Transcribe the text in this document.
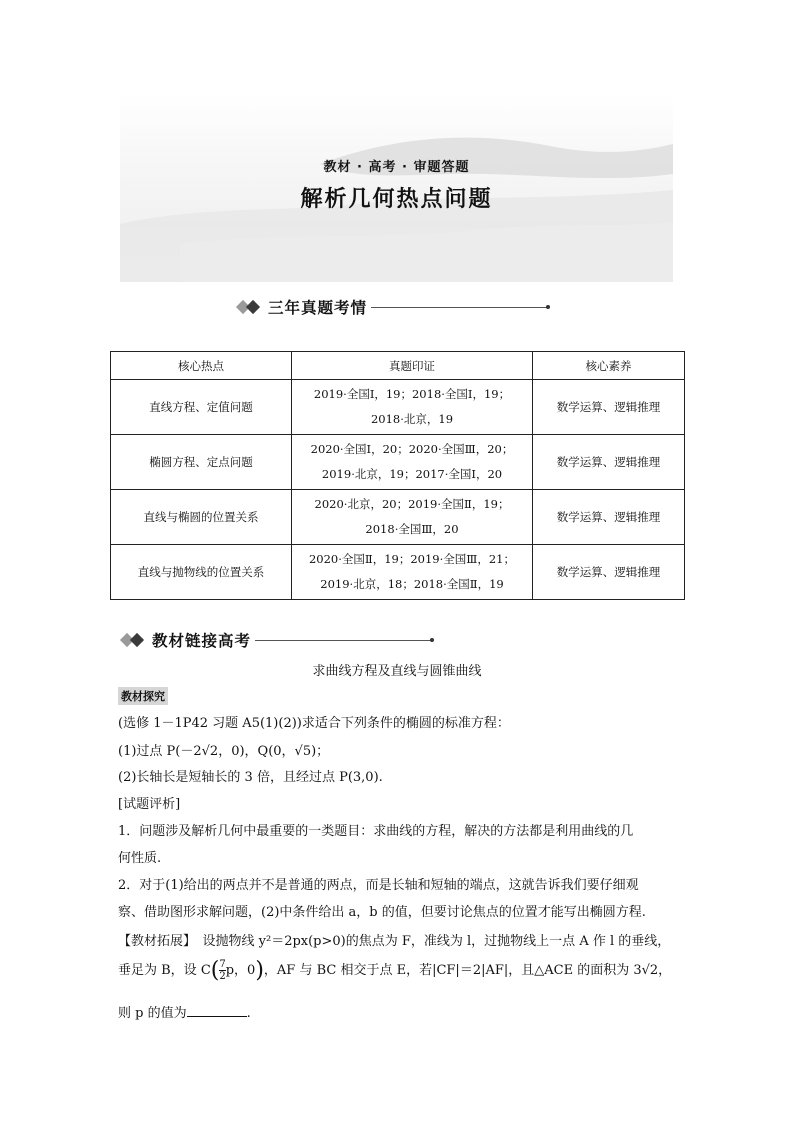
教材 · 高考 · 审题答题
解析几何热点问题
三年真题考情
核心热点	真题印证	核心素养
直线方程、定值问题	2019·全国Ⅰ，19；2018·全国Ⅰ，19；
2018·北京，19	数学运算、逻辑推理
椭圆方程、定点问题	2020·全国Ⅰ，20；2020·全国Ⅲ，20；
2019·北京，19；2017·全国Ⅰ，20	数学运算、逻辑推理
直线与椭圆的位置关系	2020·北京，20；2019·全国Ⅱ，19；
2018·全国Ⅲ，20	数学运算、逻辑推理
直线与抛物线的位置关系	2020·全国Ⅱ，19；2019·全国Ⅲ，21；
2019·北京，18；2018·全国Ⅱ，19	数学运算、逻辑推理
教材链接高考
求曲线方程及直线与圆锥曲线
教材探究
(选修 1－1P42 习题 A5(1)(2))求适合下列条件的椭圆的标准方程：
(1)过点 P(－2√2，0)，Q(0，√5)；
(2)长轴长是短轴长的 3 倍，且经过点 P(3,0).
[试题评析]
1．问题涉及解析几何中最重要的一类题目：求曲线的方程，解决的方法都是利用曲线的几
何性质.
2．对于(1)给出的两点并不是普通的两点，而是长轴和短轴的端点，这就告诉我们要仔细观
察、借助图形求解问题，(2)中条件给出 a，b 的值，但要讨论焦点的位置才能写出椭圆方程.
【教材拓展】　设抛物线 y²＝2px(p>0)的焦点为 F，准线为 l，过抛物线上一点 A 作 l 的垂线，
垂足为 B，设 $C( \frac{7}{2}$ p，0)，AF 与 BC 相交于点 E，若|CF|＝2|AF|，且△ACE 的面积为 3√2，
则 p 的值为	.
